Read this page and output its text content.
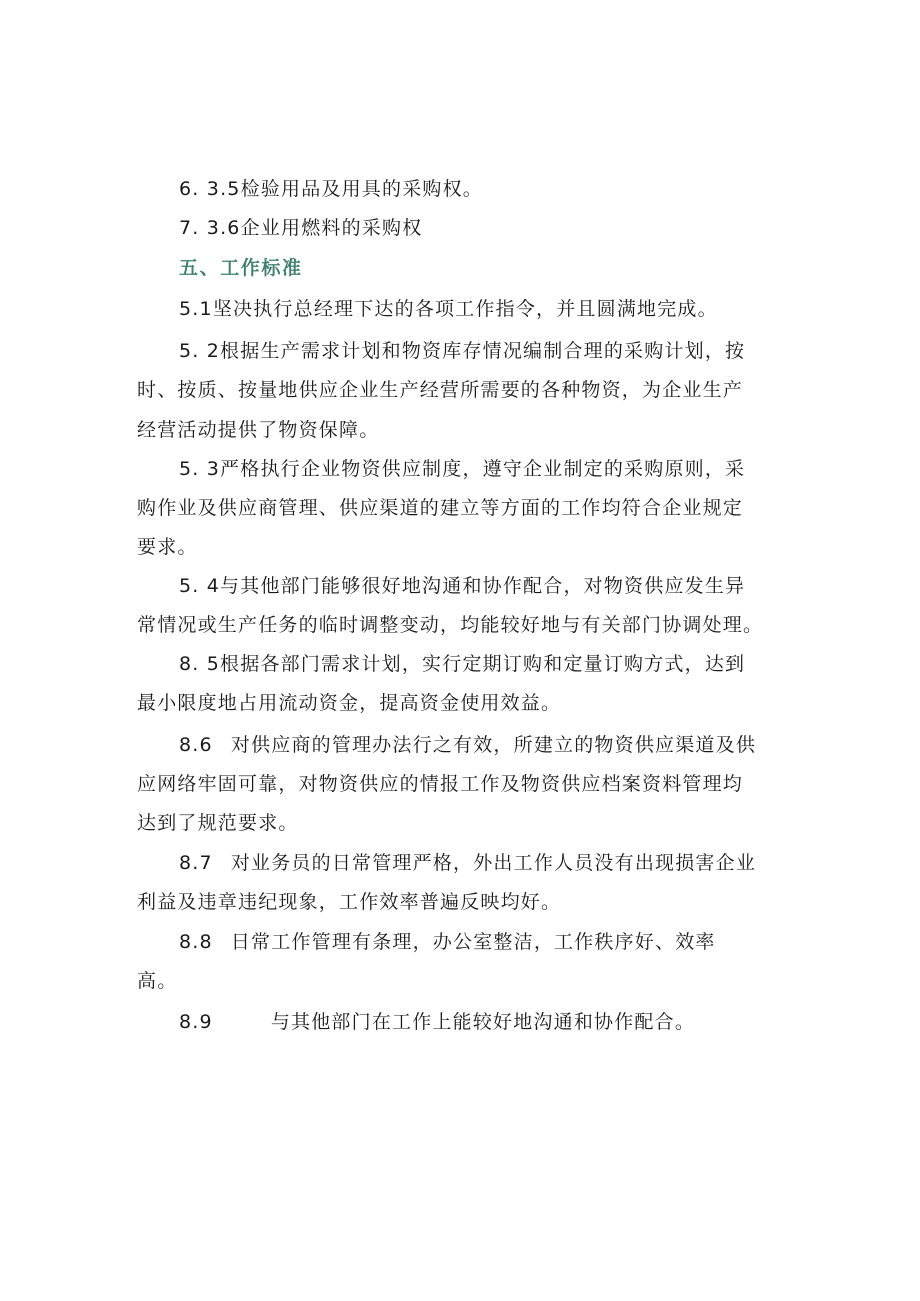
6. 3.5检验用品及用具的采购权。
7. 3.6企业用燃料的采购权
五、工作标准
5.1坚决执行总经理下达的各项工作指令，并且圆满地完成。
5. 2根据生产需求计划和物资库存情况编制合理的采购计划，按
时、按质、按量地供应企业生产经营所需要的各种物资，为企业生产
经营活动提供了物资保障。
5. 3严格执行企业物资供应制度，遵守企业制定的采购原则，采
购作业及供应商管理、供应渠道的建立等方面的工作均符合企业规定
要求。
5. 4与其他部门能够很好地沟通和协作配合，对物资供应发生异
常情况或生产任务的临时调整变动，均能较好地与有关部门协调处理。
8. 5根据各部门需求计划，实行定期订购和定量订购方式，达到
最小限度地占用流动资金，提高资金使用效益。
8.6 对供应商的管理办法行之有效，所建立的物资供应渠道及供
应网络牢固可靠，对物资供应的情报工作及物资供应档案资料管理均
达到了规范要求。
8.7 对业务员的日常管理严格，外出工作人员没有出现损害企业
利益及违章违纪现象，工作效率普遍反映均好。
8.8 日常工作管理有条理，办公室整洁，工作秩序好、效率
高。
8.9	与其他部门在工作上能较好地沟通和协作配合。
